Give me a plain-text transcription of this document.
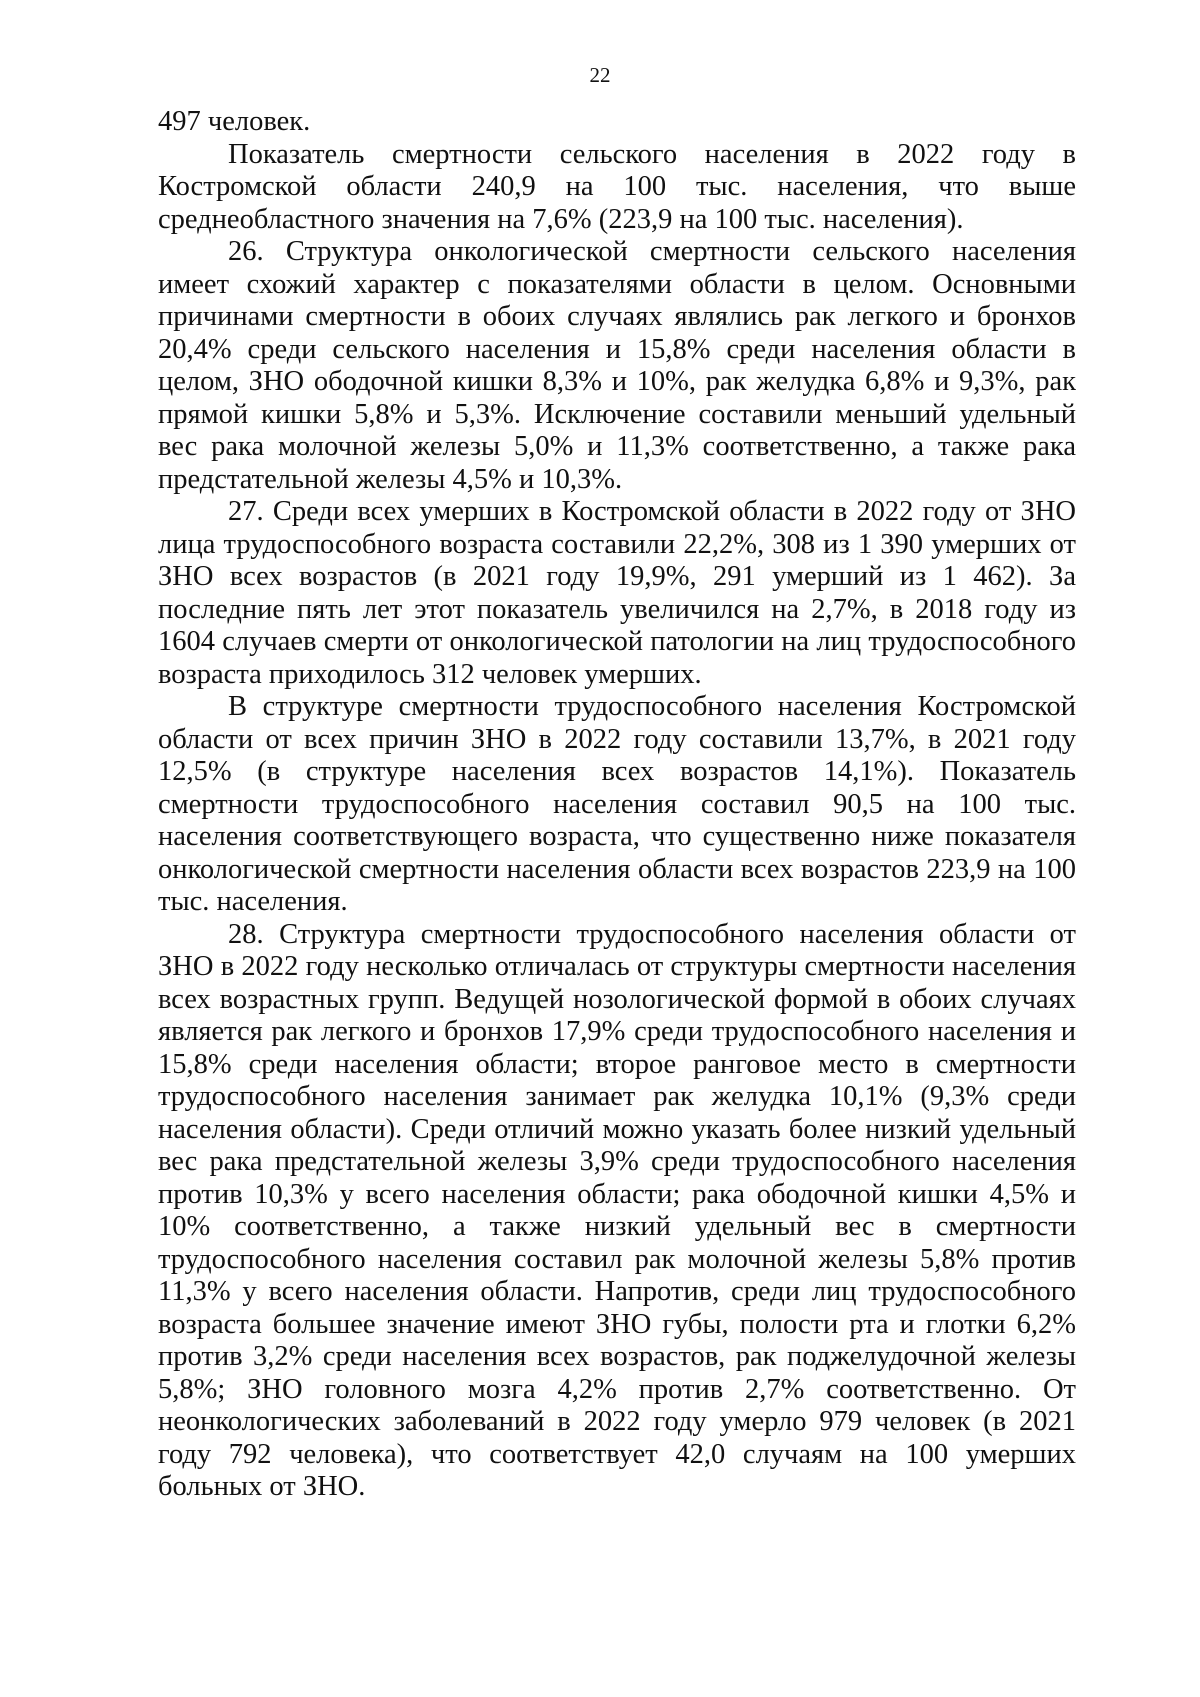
22

497 человек.

Показатель смертности сельского населения в 2022 году в Костромской области 240,9 на 100 тыс. населения, что выше среднеобластного значения на 7,6% (223,9 на 100 тыс. населения).

26. Структура онкологической смертности сельского населения имеет схожий характер с показателями области в целом. Основными причинами смертности в обоих случаях являлись рак легкого и бронхов 20,4% среди сельского населения и 15,8% среди населения области в целом, ЗНО ободочной кишки 8,3% и 10%, рак желудка 6,8% и 9,3%, рак прямой кишки 5,8% и 5,3%. Исключение составили меньший удельный вес рака молочной железы 5,0% и 11,3% соответственно, а также рака предстательной железы 4,5% и 10,3%.

27. Среди всех умерших в Костромской области в 2022 году от ЗНО лица трудоспособного возраста составили 22,2%, 308 из 1 390 умерших от ЗНО всех возрастов (в 2021 году 19,9%, 291 умерший из 1 462). За последние пять лет этот показатель увеличился на 2,7%, в 2018 году из 1604 случаев смерти от онкологической патологии на лиц трудоспособного возраста приходилось 312 человек умерших.

В структуре смертности трудоспособного населения Костромской области от всех причин ЗНО в 2022 году составили 13,7%, в 2021 году 12,5% (в структуре населения всех возрастов 14,1%). Показатель смертности трудоспособного населения составил 90,5 на 100 тыс. населения соответствующего возраста, что существенно ниже показателя онкологической смертности населения области всех возрастов 223,9 на 100 тыс. населения.

28. Структура смертности трудоспособного населения области от ЗНО в 2022 году несколько отличалась от структуры смертности населения всех возрастных групп. Ведущей нозологической формой в обоих случаях является рак легкого и бронхов 17,9% среди трудоспособного населения и 15,8% среди населения области; второе ранговое место в смертности трудоспособного населения занимает рак желудка 10,1% (9,3% среди населения области). Среди отличий можно указать более низкий удельный вес рака предстательной железы 3,9% среди трудоспособного населения против 10,3% у всего населения области; рака ободочной кишки 4,5% и 10% соответственно, а также низкий удельный вес в смертности трудоспособного населения составил рак молочной железы 5,8% против 11,3% у всего населения области. Напротив, среди лиц трудоспособного возраста большее значение имеют ЗНО губы, полости рта и глотки 6,2% против 3,2% среди населения всех возрастов, рак поджелудочной железы 5,8%; ЗНО головного мозга 4,2% против 2,7% соответственно. От неонкологических заболеваний в 2022 году умерло 979 человек (в 2021 году 792 человека), что соответствует 42,0 случаям на 100 умерших больных от ЗНО.
